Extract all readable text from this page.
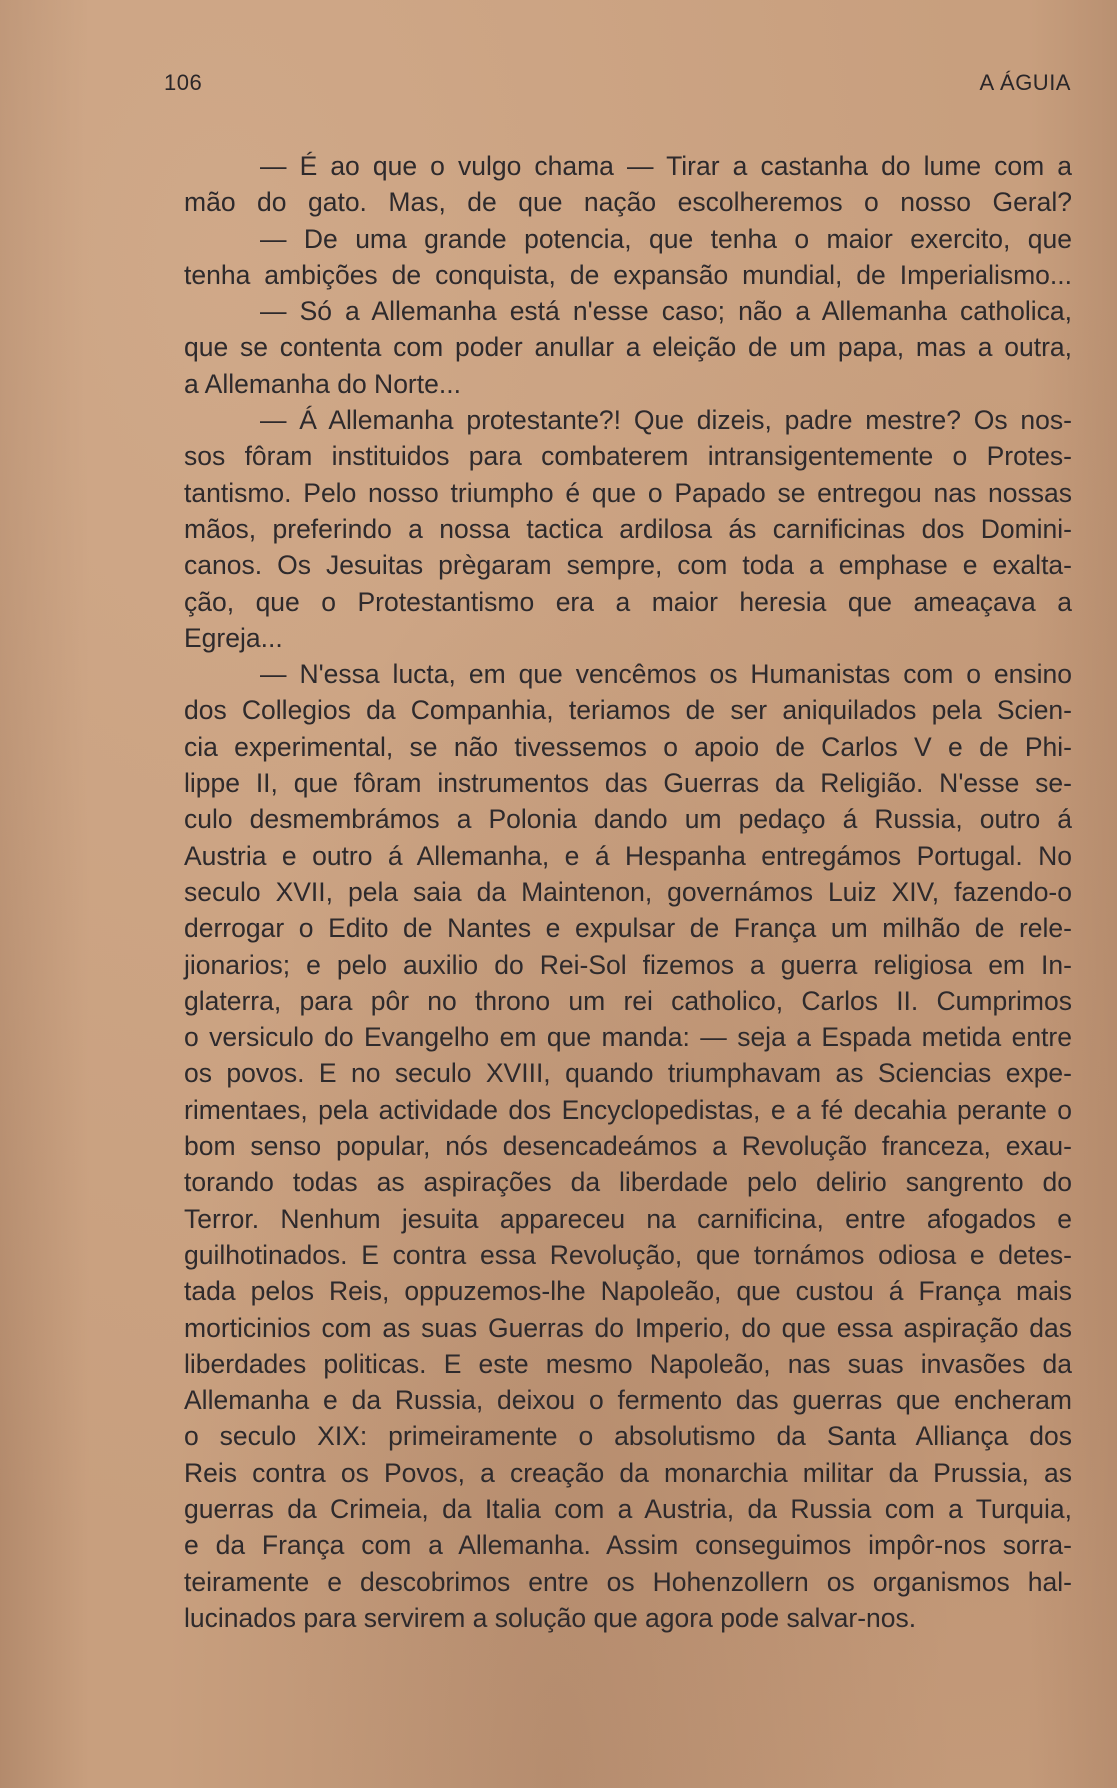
106	A ÁGUIA
— É ao que o vulgo chama — Tirar a castanha do lume com a
mão do gato. Mas, de que nação escolheremos o nosso Geral?
— De uma grande potencia, que tenha o maior exercito, que
tenha ambições de conquista, de expansão mundial, de Imperialismo...
— Só a Allemanha está n'esse caso; não a Allemanha catholica,
que se contenta com poder anullar a eleição de um papa, mas a outra,
a Allemanha do Norte...
— Á Allemanha protestante?! Que dizeis, padre mestre? Os nos-
sos fôram instituidos para combaterem intransigentemente o Protes-
tantismo. Pelo nosso triumpho é que o Papado se entregou nas nossas
mãos, preferindo a nossa tactica ardilosa ás carnificinas dos Domini-
canos. Os Jesuitas prègaram sempre, com toda a emphase e exalta-
ção, que o Protestantismo era a maior heresia que ameaçava a
Egreja...
— N'essa lucta, em que vencêmos os Humanistas com o ensino
dos Collegios da Companhia, teriamos de ser aniquilados pela Scien-
cia experimental, se não tivessemos o apoio de Carlos V e de Phi-
lippe II, que fôram instrumentos das Guerras da Religião. N'esse se-
culo desmembrámos a Polonia dando um pedaço á Russia, outro á
Austria e outro á Allemanha, e á Hespanha entregámos Portugal. No
seculo XVII, pela saia da Maintenon, governámos Luiz XIV, fazendo-o
derrogar o Edito de Nantes e expulsar de França um milhão de rele-
jionarios; e pelo auxilio do Rei-Sol fizemos a guerra religiosa em In-
glaterra, para pôr no throno um rei catholico, Carlos II. Cumprimos
o versiculo do Evangelho em que manda: — seja a Espada metida entre
os povos. E no seculo XVIII, quando triumphavam as Sciencias expe-
rimentaes, pela actividade dos Encyclopedistas, e a fé decahia perante o
bom senso popular, nós desencadeámos a Revolução franceza, exau-
torando todas as aspirações da liberdade pelo delirio sangrento do
Terror. Nenhum jesuita appareceu na carnificina, entre afogados e
guilhotinados. E contra essa Revolução, que tornámos odiosa e detes-
tada pelos Reis, oppuzemos-lhe Napoleão, que custou á França mais
morticinios com as suas Guerras do Imperio, do que essa aspiração das
liberdades politicas. E este mesmo Napoleão, nas suas invasões da
Allemanha e da Russia, deixou o fermento das guerras que encheram
o seculo XIX: primeiramente o absolutismo da Santa Alliança dos
Reis contra os Povos, a creação da monarchia militar da Prussia, as
guerras da Crimeia, da Italia com a Austria, da Russia com a Turquia,
e da França com a Allemanha. Assim conseguimos impôr-nos sorra-
teiramente e descobrimos entre os Hohenzollern os organismos hal-
lucinados para servirem a solução que agora pode salvar-nos.
